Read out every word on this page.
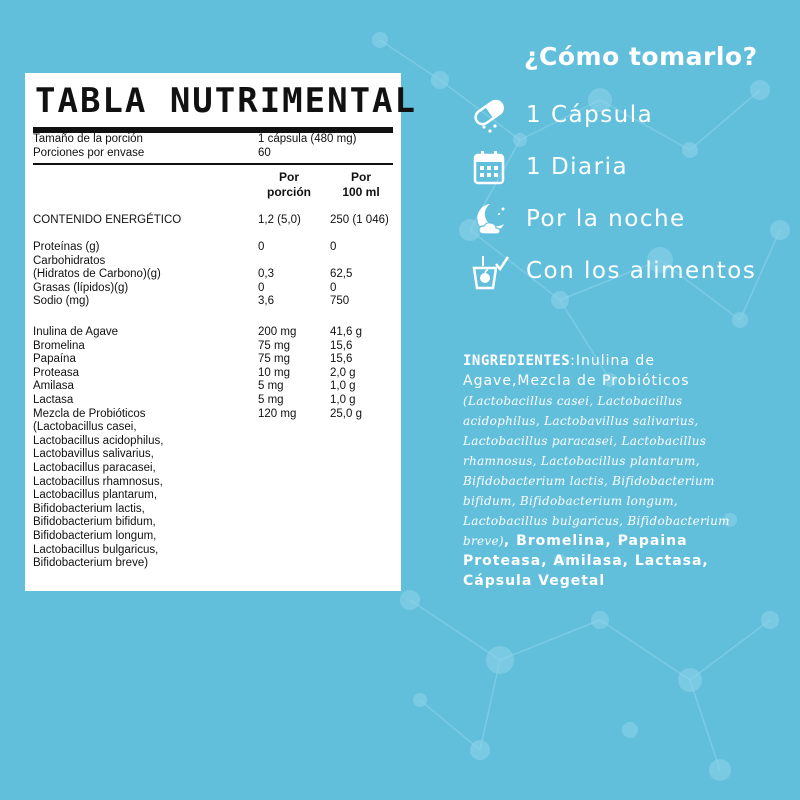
TABLA NUTRIMENTAL
Tamaño de la porción	1 cápsula (480 mg)
Porciones por envase	60
Por
porción
Por
100 ml
CONTENIDO ENERGÉTICO	1,2 (5,0)	250 (1 046)
Proteínas (g)	0	0
Carbohidratos
(Hidratos de Carbono)(g)	0,3	62,5
Grasas (lípidos)(g)	0	0
Sodio (mg)	3,6	750
Inulina de Agave	200 mg	41,6 g
Bromelina	75 mg	15,6
Papaína	75 mg	15,6
Proteasa	10 mg	2,0 g
Amilasa	5 mg	1,0 g
Lactasa	5 mg	1,0 g
Mezcla de Probióticos	120 mg	25,0 g
(Lactobacillus casei,
Lactobacillus acidophilus,
Lactobavillus salivarius,
Lactobacillus paracasei,
Lactobacillus rhamnosus,
Lactobacillus plantarum,
Bifidobacterium lactis,
Bifidobacterium bifidum,
Bifidobacterium longum,
Lactobacillus bulgaricus,
Bifidobacterium breve)
¿Cómo tomarlo?
1 Cápsula
1 Diaria
Por la noche
Con los alimentos
INGREDIENTES:Inulina de Agave,Mezcla de Probióticos (Lactobacillus casei, Lactobacillus acidophilus, Lactobavillus salivarius, Lactobacillus paracasei, Lactobacillus rhamnosus, Lactobacillus plantarum, Bifidobacterium lactis, Bifidobacterium bifidum, Bifidobacterium longum, Lactobacillus bulgaricus, Bifidobacterium breve), Bromelina, Papaina Proteasa, Amilasa, Lactasa, Cápsula Vegetal
